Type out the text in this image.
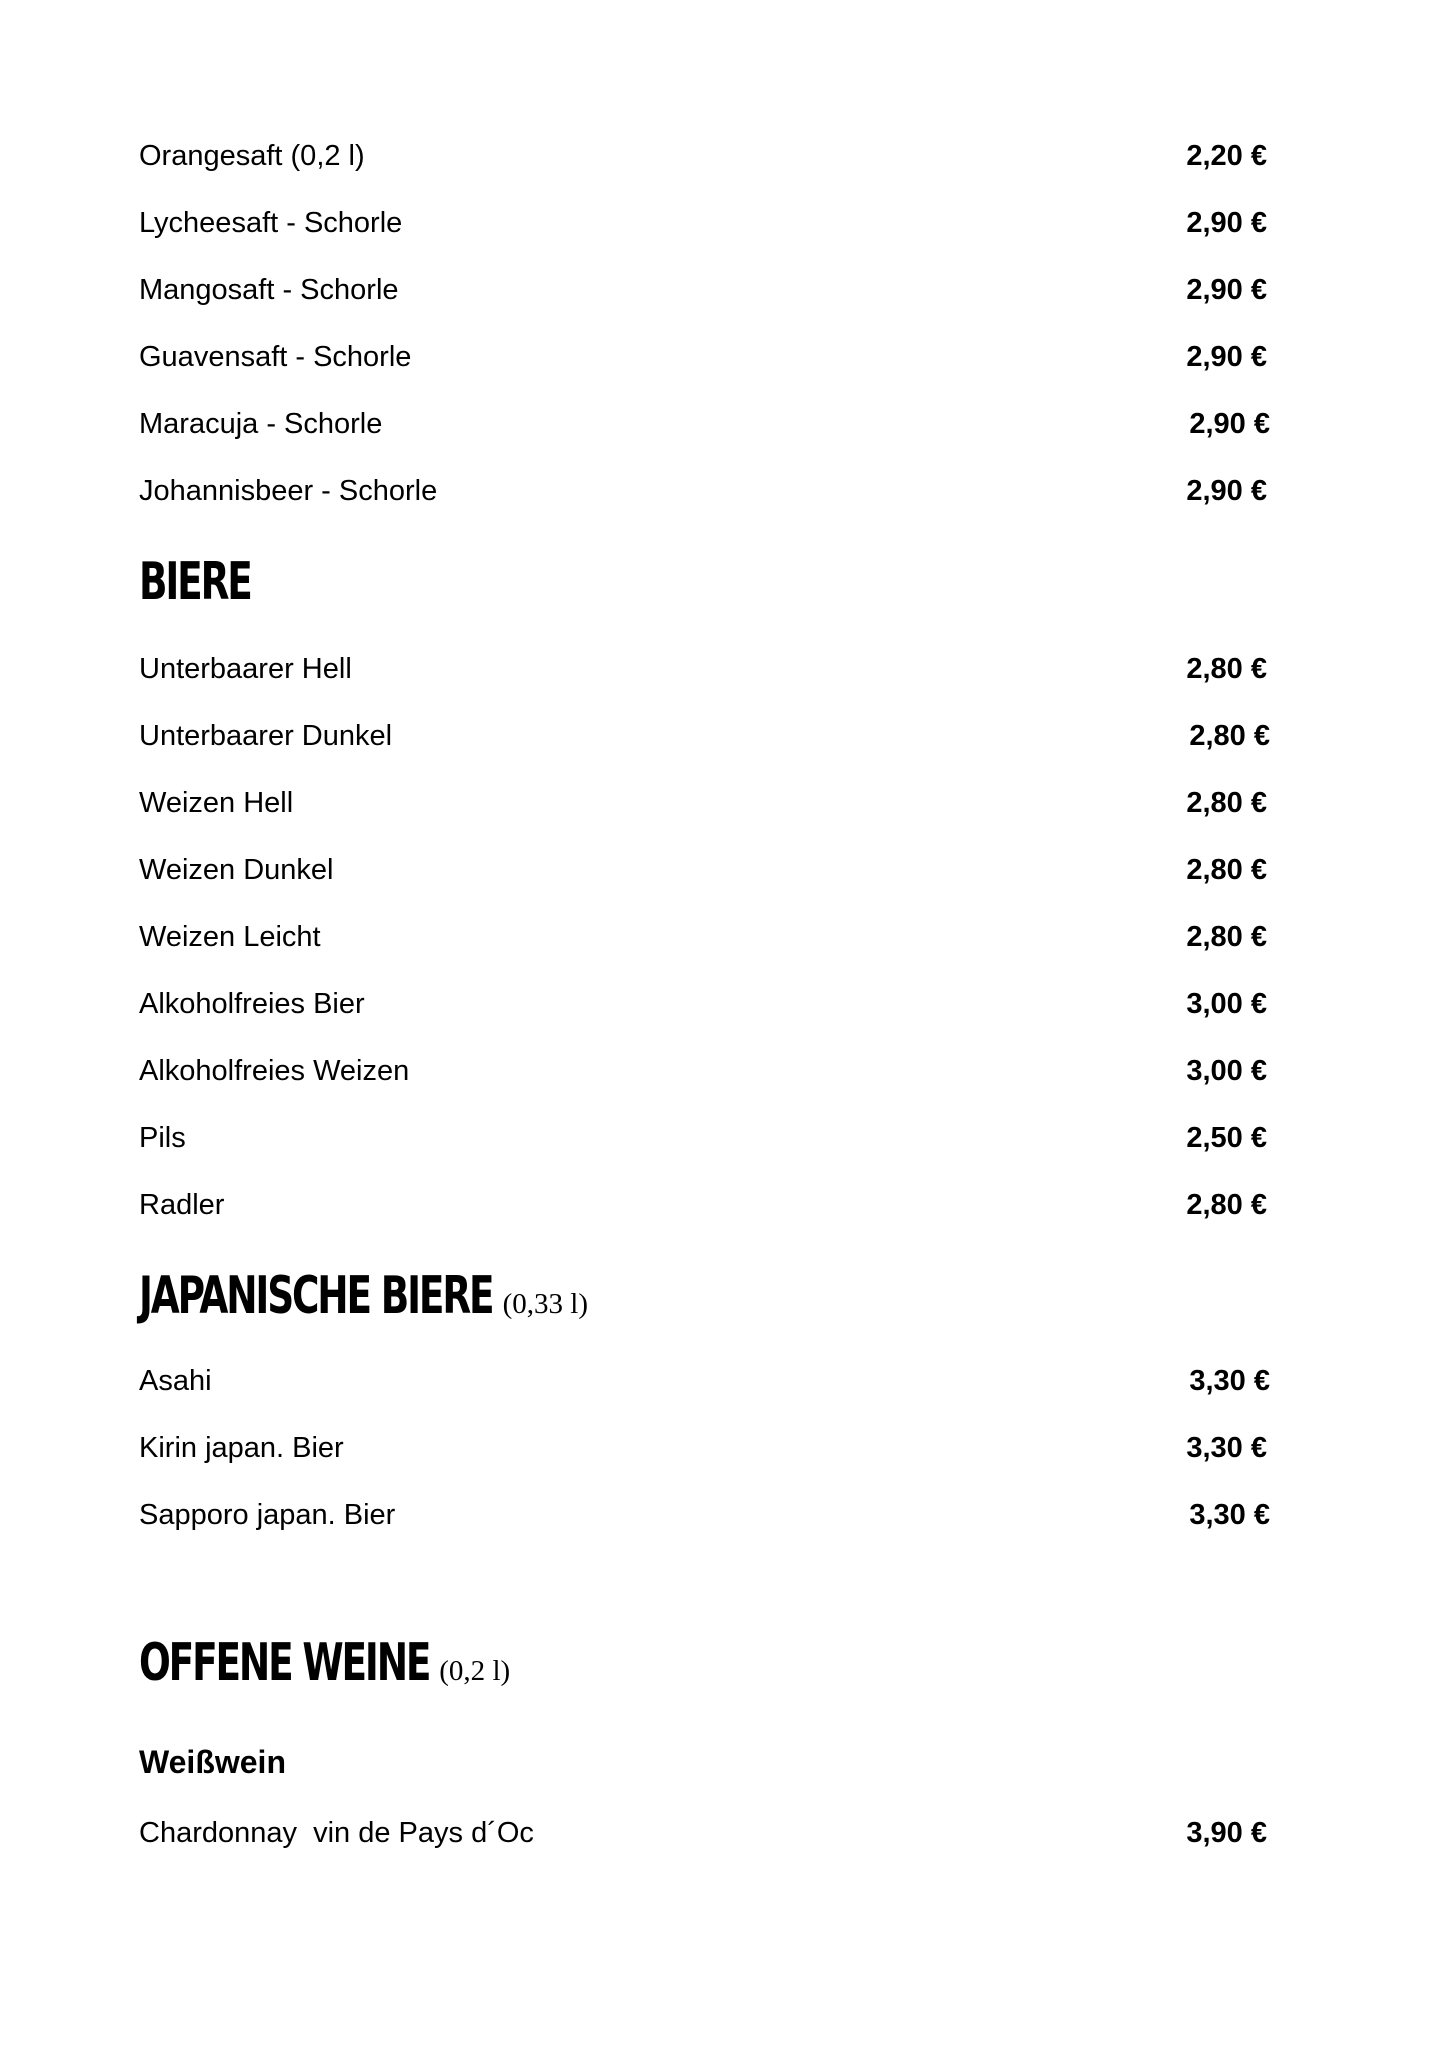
Orangesaft (0,2 l)	2,20 €
Lycheesaft - Schorle	2,90 €
Mangosaft - Schorle	2,90 €
Guavensaft - Schorle	2,90 €
Maracuja - Schorle	2,90 €
Johannisbeer - Schorle	2,90 €
BIERE
Unterbaarer Hell	2,80 €
Unterbaarer Dunkel	2,80 €
Weizen Hell	2,80 €
Weizen Dunkel	2,80 €
Weizen Leicht	2,80 €
Alkoholfreies Bier	3,00 €
Alkoholfreies Weizen	3,00 €
Pils	2,50 €
Radler	2,80 €
JAPANISCHE BIERE (0,33 l)
Asahi	3,30 €
Kirin japan. Bier	3,30 €
Sapporo japan. Bier	3,30 €
OFFENE WEINE (0,2 l)
Weißwein
Chardonnay  vin de Pays d´Oc	3,90 €
